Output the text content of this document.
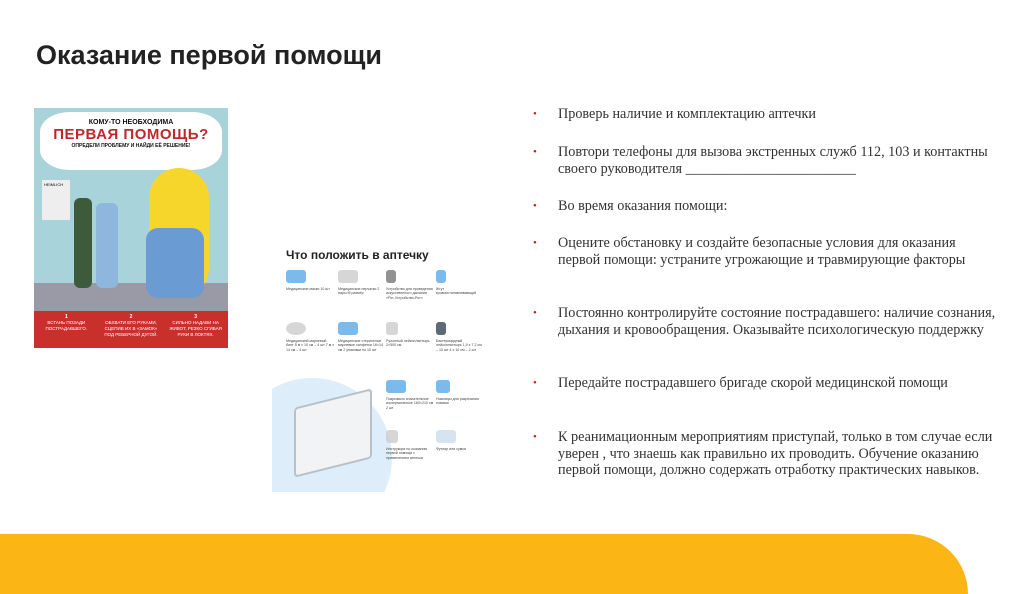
Оказание первой помощи
КОМУ-ТО НЕОБХОДИМА
ПЕРВАЯ ПОМОЩЬ?
ОПРЕДЕЛИ ПРОБЛЕМУ И НАЙДИ ЕЁ РЕШЕНИЕ!
HEIMLICH
1
ВСТАНЬ ПОЗАДИ ПОСТРАДАВШЕГО.
2
ОБХВАТИ ЕГО РУКАМИ, СЦЕПИВ ИХ В «ЗАМОК» ПОД РЕБЕРНОЙ ДУГОЙ.
3
СИЛЬНО НАДАВИ НА ЖИВОТ, РЕЗКО СГИБАЯ РУКИ В ЛОКТЯХ.
Что положить в аптечку
Медицинские маски 10 шт	Медицинские перчатки 2 пары M размер
Устройство для проведения искусственного дыхания «Рот-Устройство-Рот»
Жгут кровоостанавливающий
Медицинский марлевый бинт 5 м x 10 см – 4 шт 7 м x 14 см – 4 шт
Медицинские стерильные марлевые салфетки 16×14 см 2 упаковки по 10 шт
Рулонный лейкопластырь 2×500 см
Бактерицидный лейкопластырь 1,9 x 7,2 см – 10 шт 4 x 10 см – 2 шт
Покрывало спасательное изотермическое 160×210 см 2 шт
Ножницы для разрезания повязок
Инструкция по оказанию первой помощи с применением аптечки
Футляр или сумка
• Проверь наличие и комплектацию аптечки
• Повтори телефоны для вызова экстренных служб 112, 103 и контактны своего руководителя ________________________
• Во время оказания помощи:
• Оцените обстановку и создайте безопасные условия для оказания первой помощи: устраните угрожающие и травмирующие факторы
• Постоянно контролируйте состояние пострадавшего: наличие сознания, дыхания и кровообращения. Оказывайте психологическую поддержку
• Передайте пострадавшего бригаде скорой медицинской помощи
• К реанимационным мероприятиям приступай, только в том случае если уверен , что знаешь как правильно их проводить. Обучение оказанию первой помощи, должно содержать отработку практических навыков.
